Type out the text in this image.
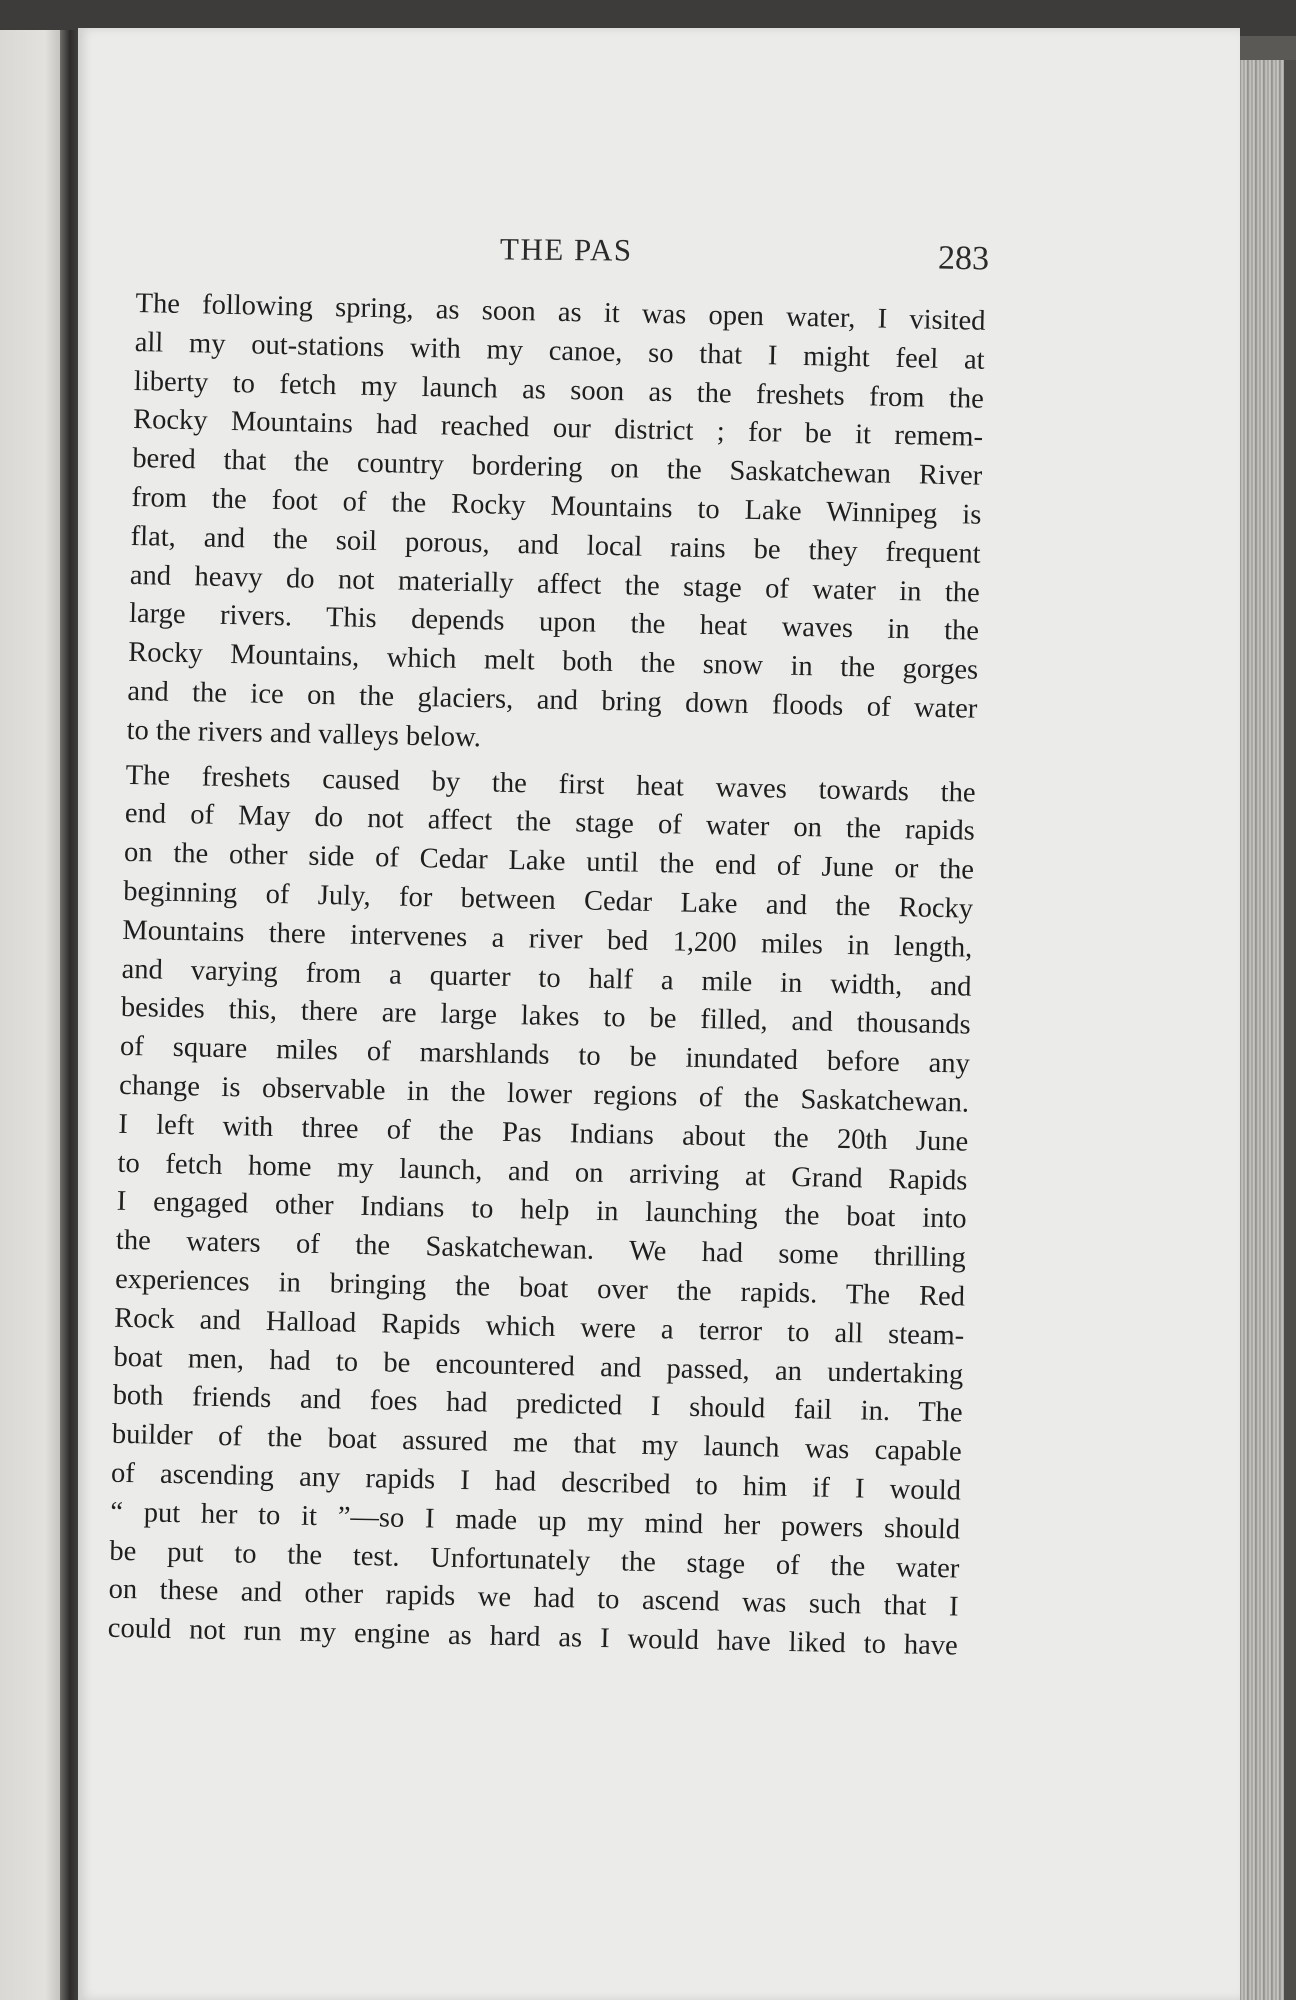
THE PAS	283
The following spring, as soon as it was open water, I visited
all my out-stations with my canoe, so that I might feel at
liberty to fetch my launch as soon as the freshets from the
Rocky Mountains had reached our district ; for be it remem-
bered that the country bordering on the Saskatchewan River
from the foot of the Rocky Mountains to Lake Winnipeg is
flat, and the soil porous, and local rains be they frequent
and heavy do not materially affect the stage of water in the
large rivers. This depends upon the heat waves in the
Rocky Mountains, which melt both the snow in the gorges
and the ice on the glaciers, and bring down floods of water
to the rivers and valleys below.
The freshets caused by the first heat waves towards the
end of May do not affect the stage of water on the rapids
on the other side of Cedar Lake until the end of June or the
beginning of July, for between Cedar Lake and the Rocky
Mountains there intervenes a river bed 1,200 miles in length,
and varying from a quarter to half a mile in width, and
besides this, there are large lakes to be filled, and thousands
of square miles of marshlands to be inundated before any
change is observable in the lower regions of the Saskatchewan.
I left with three of the Pas Indians about the 20th June
to fetch home my launch, and on arriving at Grand Rapids
I engaged other Indians to help in launching the boat into
the waters of the Saskatchewan. We had some thrilling
experiences in bringing the boat over the rapids. The Red
Rock and Halload Rapids which were a terror to all steam-
boat men, had to be encountered and passed, an undertaking
both friends and foes had predicted I should fail in. The
builder of the boat assured me that my launch was capable
of ascending any rapids I had described to him if I would
“ put her to it ”—so I made up my mind her powers should
be put to the test. Unfortunately the stage of the water
on these and other rapids we had to ascend was such that I
could not run my engine as hard as I would have liked to have
